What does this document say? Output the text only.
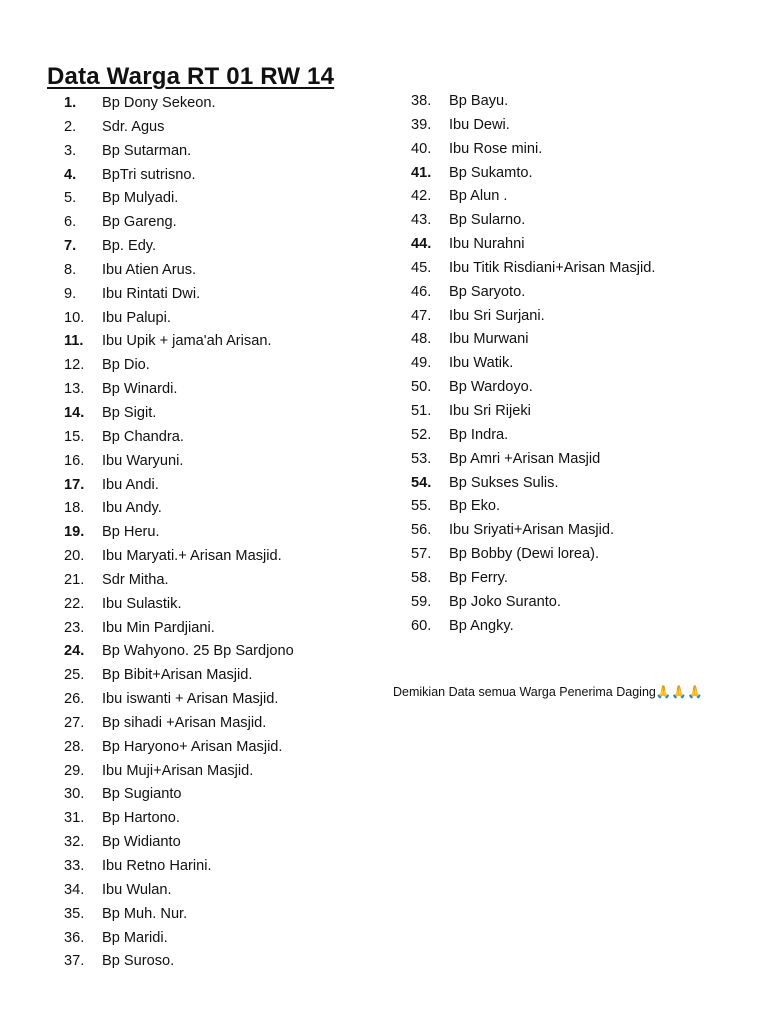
Data Warga RT 01 RW 14
1. Bp Dony Sekeon.
2. Sdr. Agus
3. Bp Sutarman.
4. BpTri sutrisno.
5. Bp Mulyadi.
6. Bp Gareng.
7. Bp. Edy.
8. Ibu Atien Arus.
9. Ibu Rintati Dwi.
10. Ibu Palupi.
11. Ibu Upik + jama'ah Arisan.
12. Bp Dio.
13. Bp Winardi.
14. Bp Sigit.
15. Bp Chandra.
16. Ibu Waryuni.
17. Ibu Andi.
18. Ibu Andy.
19. Bp Heru.
20. Ibu Maryati.+ Arisan Masjid.
21. Sdr Mitha.
22. Ibu Sulastik.
23. Ibu Min Pardjiani.
24. Bp Wahyono. 25 Bp Sardjono
25. Bp Bibit+Arisan Masjid.
26. Ibu iswanti + Arisan Masjid.
27. Bp sihadi +Arisan Masjid.
28. Bp Haryono+ Arisan Masjid.
29. Ibu Muji+Arisan Masjid.
30. Bp Sugianto
31. Bp Hartono.
32. Bp Widianto
33. Ibu Retno Harini.
34. Ibu Wulan.
35. Bp Muh. Nur.
36. Bp Maridi.
37. Bp Suroso.
38. Bp Bayu.
39. Ibu Dewi.
40. Ibu Rose mini.
41. Bp Sukamto.
42. Bp Alun .
43. Bp Sularno.
44. Ibu Nurahni
45. Ibu Titik Risdiani+Arisan Masjid.
46. Bp Saryoto.
47. Ibu Sri Surjani.
48. Ibu Murwani
49. Ibu Watik.
50. Bp Wardoyo.
51. Ibu Sri Rijeki
52. Bp Indra.
53. Bp Amri +Arisan Masjid
54. Bp Sukses Sulis.
55. Bp Eko.
56. Ibu Sriyati+Arisan Masjid.
57. Bp Bobby (Dewi lorea).
58. Bp Ferry.
59. Bp Joko Suranto.
60. Bp Angky.
Demikian Data semua Warga Penerima Daging🙏🙏🙏
